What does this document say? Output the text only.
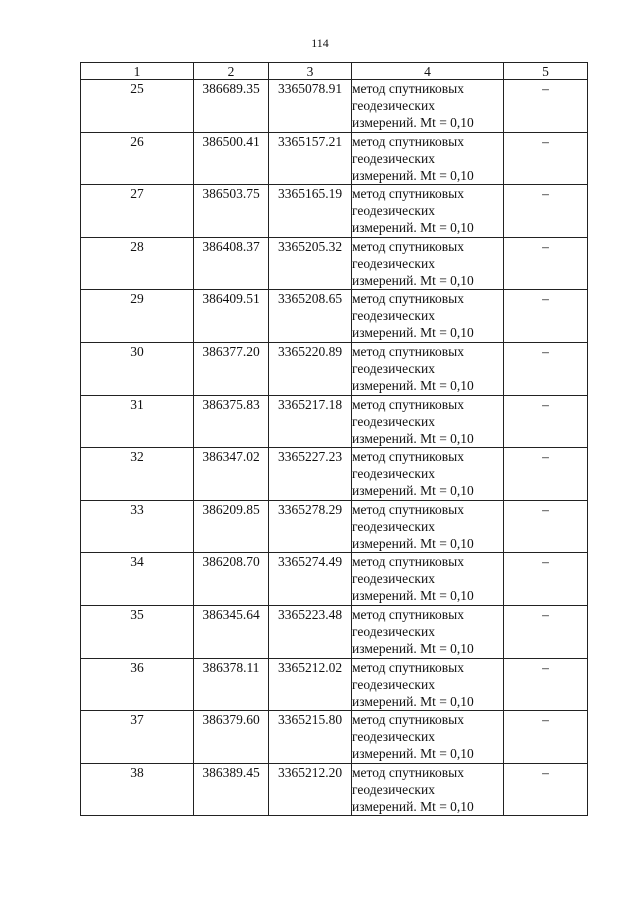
114
1	2	3	4	5
25	386689.35	3365078.91	метод спутниковых
геодезических
измерений. Mt = 0,10	–
26	386500.41	3365157.21	метод спутниковых
геодезических
измерений. Mt = 0,10	–
27	386503.75	3365165.19	метод спутниковых
геодезических
измерений. Mt = 0,10	–
28	386408.37	3365205.32	метод спутниковых
геодезических
измерений. Mt = 0,10	–
29	386409.51	3365208.65	метод спутниковых
геодезических
измерений. Mt = 0,10	–
30	386377.20	3365220.89	метод спутниковых
геодезических
измерений. Mt = 0,10	–
31	386375.83	3365217.18	метод спутниковых
геодезических
измерений. Mt = 0,10	–
32	386347.02	3365227.23	метод спутниковых
геодезических
измерений. Mt = 0,10	–
33	386209.85	3365278.29	метод спутниковых
геодезических
измерений. Mt = 0,10	–
34	386208.70	3365274.49	метод спутниковых
геодезических
измерений. Mt = 0,10	–
35	386345.64	3365223.48	метод спутниковых
геодезических
измерений. Mt = 0,10	–
36	386378.11	3365212.02	метод спутниковых
геодезических
измерений. Mt = 0,10	–
37	386379.60	3365215.80	метод спутниковых
геодезических
измерений. Mt = 0,10	–
38	386389.45	3365212.20	метод спутниковых
геодезических
измерений. Mt = 0,10	–
